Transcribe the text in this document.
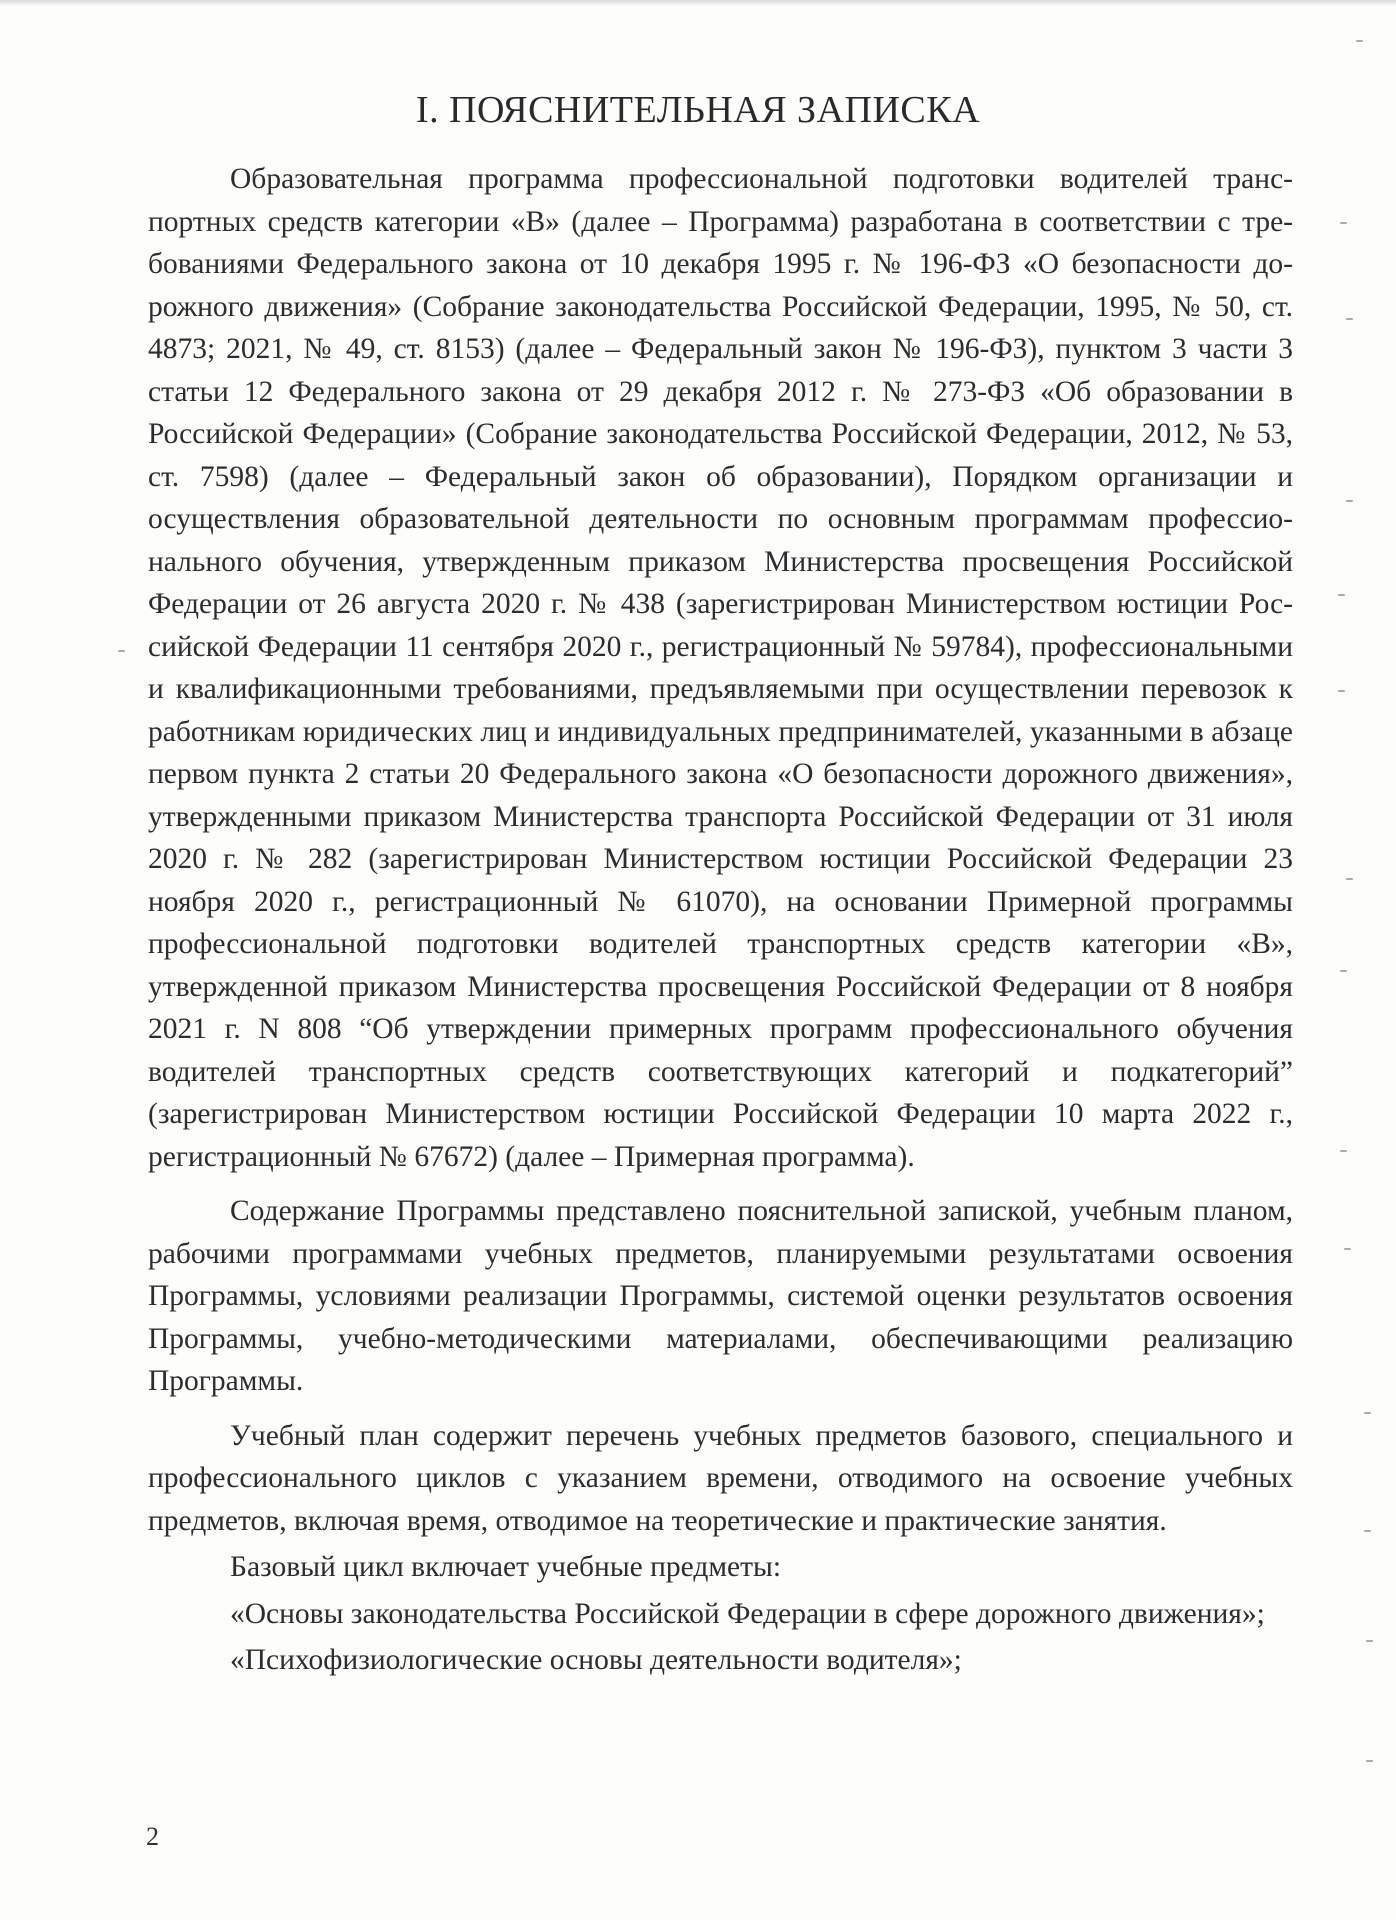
I. ПОЯСНИТЕЛЬНАЯ ЗАПИСКА

Образовательная программа профессиональной подготовки водителей транспортных средств категории «В» (далее – Программа) разработана в соответствии с требованиями Федерального закона от 10 декабря 1995 г. № 196-ФЗ «О безопасности дорожного движения» (Собрание законодательства Российской Федерации, 1995, № 50, ст. 4873; 2021, № 49, ст. 8153) (далее – Федеральный закон № 196-ФЗ), пунктом 3 части 3 статьи 12 Федерального закона от 29 декабря 2012 г. № 273-ФЗ «Об образовании в Российской Федерации» (Собрание законодательства Российской Федерации, 2012, № 53, ст. 7598) (далее – Федеральный закон об образовании), Порядком организации и осуществления образовательной деятельности по основным программам профессионального обучения, утвержденным приказом Министерства просвещения Российской Федерации от 26 августа 2020 г. № 438 (зарегистрирован Министерством юстиции Российской Федерации 11 сентября 2020 г., регистрационный № 59784), профессиональными и квалификационными требованиями, предъявляемыми при осуществлении перевозок к работникам юридических лиц и индивидуальных предпринимателей, указанными в абзаце первом пункта 2 статьи 20 Федерального закона «О безопасности дорожного движения», утвержденными приказом Министерства транспорта Российской Федерации от 31 июля 2020 г. № 282 (зарегистрирован Министерством юстиции Российской Федерации 23 ноября 2020 г., регистрационный № 61070), на основании Примерной программы профессиональной подготовки водителей транспортных средств категории «В», утвержденной приказом Министерства просвещения Российской Федерации от 8 ноября 2021 г. N 808 “Об утверждении примерных программ профессионального обучения водителей транспортных средств соответствующих категорий и подкатегорий” (зарегистрирован Министерством юстиции Российской Федерации 10 марта 2022 г., регистрационный № 67672) (далее – Примерная программа).

Содержание Программы представлено пояснительной запиской, учебным планом, рабочими программами учебных предметов, планируемыми результатами освоения Программы, условиями реализации Программы, системой оценки результатов освоения Программы, учебно-методическими материалами, обеспечивающими реализацию Программы.

Учебный план содержит перечень учебных предметов базового, специального и профессионального циклов с указанием времени, отводимого на освоение учебных предметов, включая время, отводимое на теоретические и практические занятия.

Базовый цикл включает учебные предметы:

«Основы законодательства Российской Федерации в сфере дорожного движения»;

«Психофизиологические основы деятельности водителя»;

2
